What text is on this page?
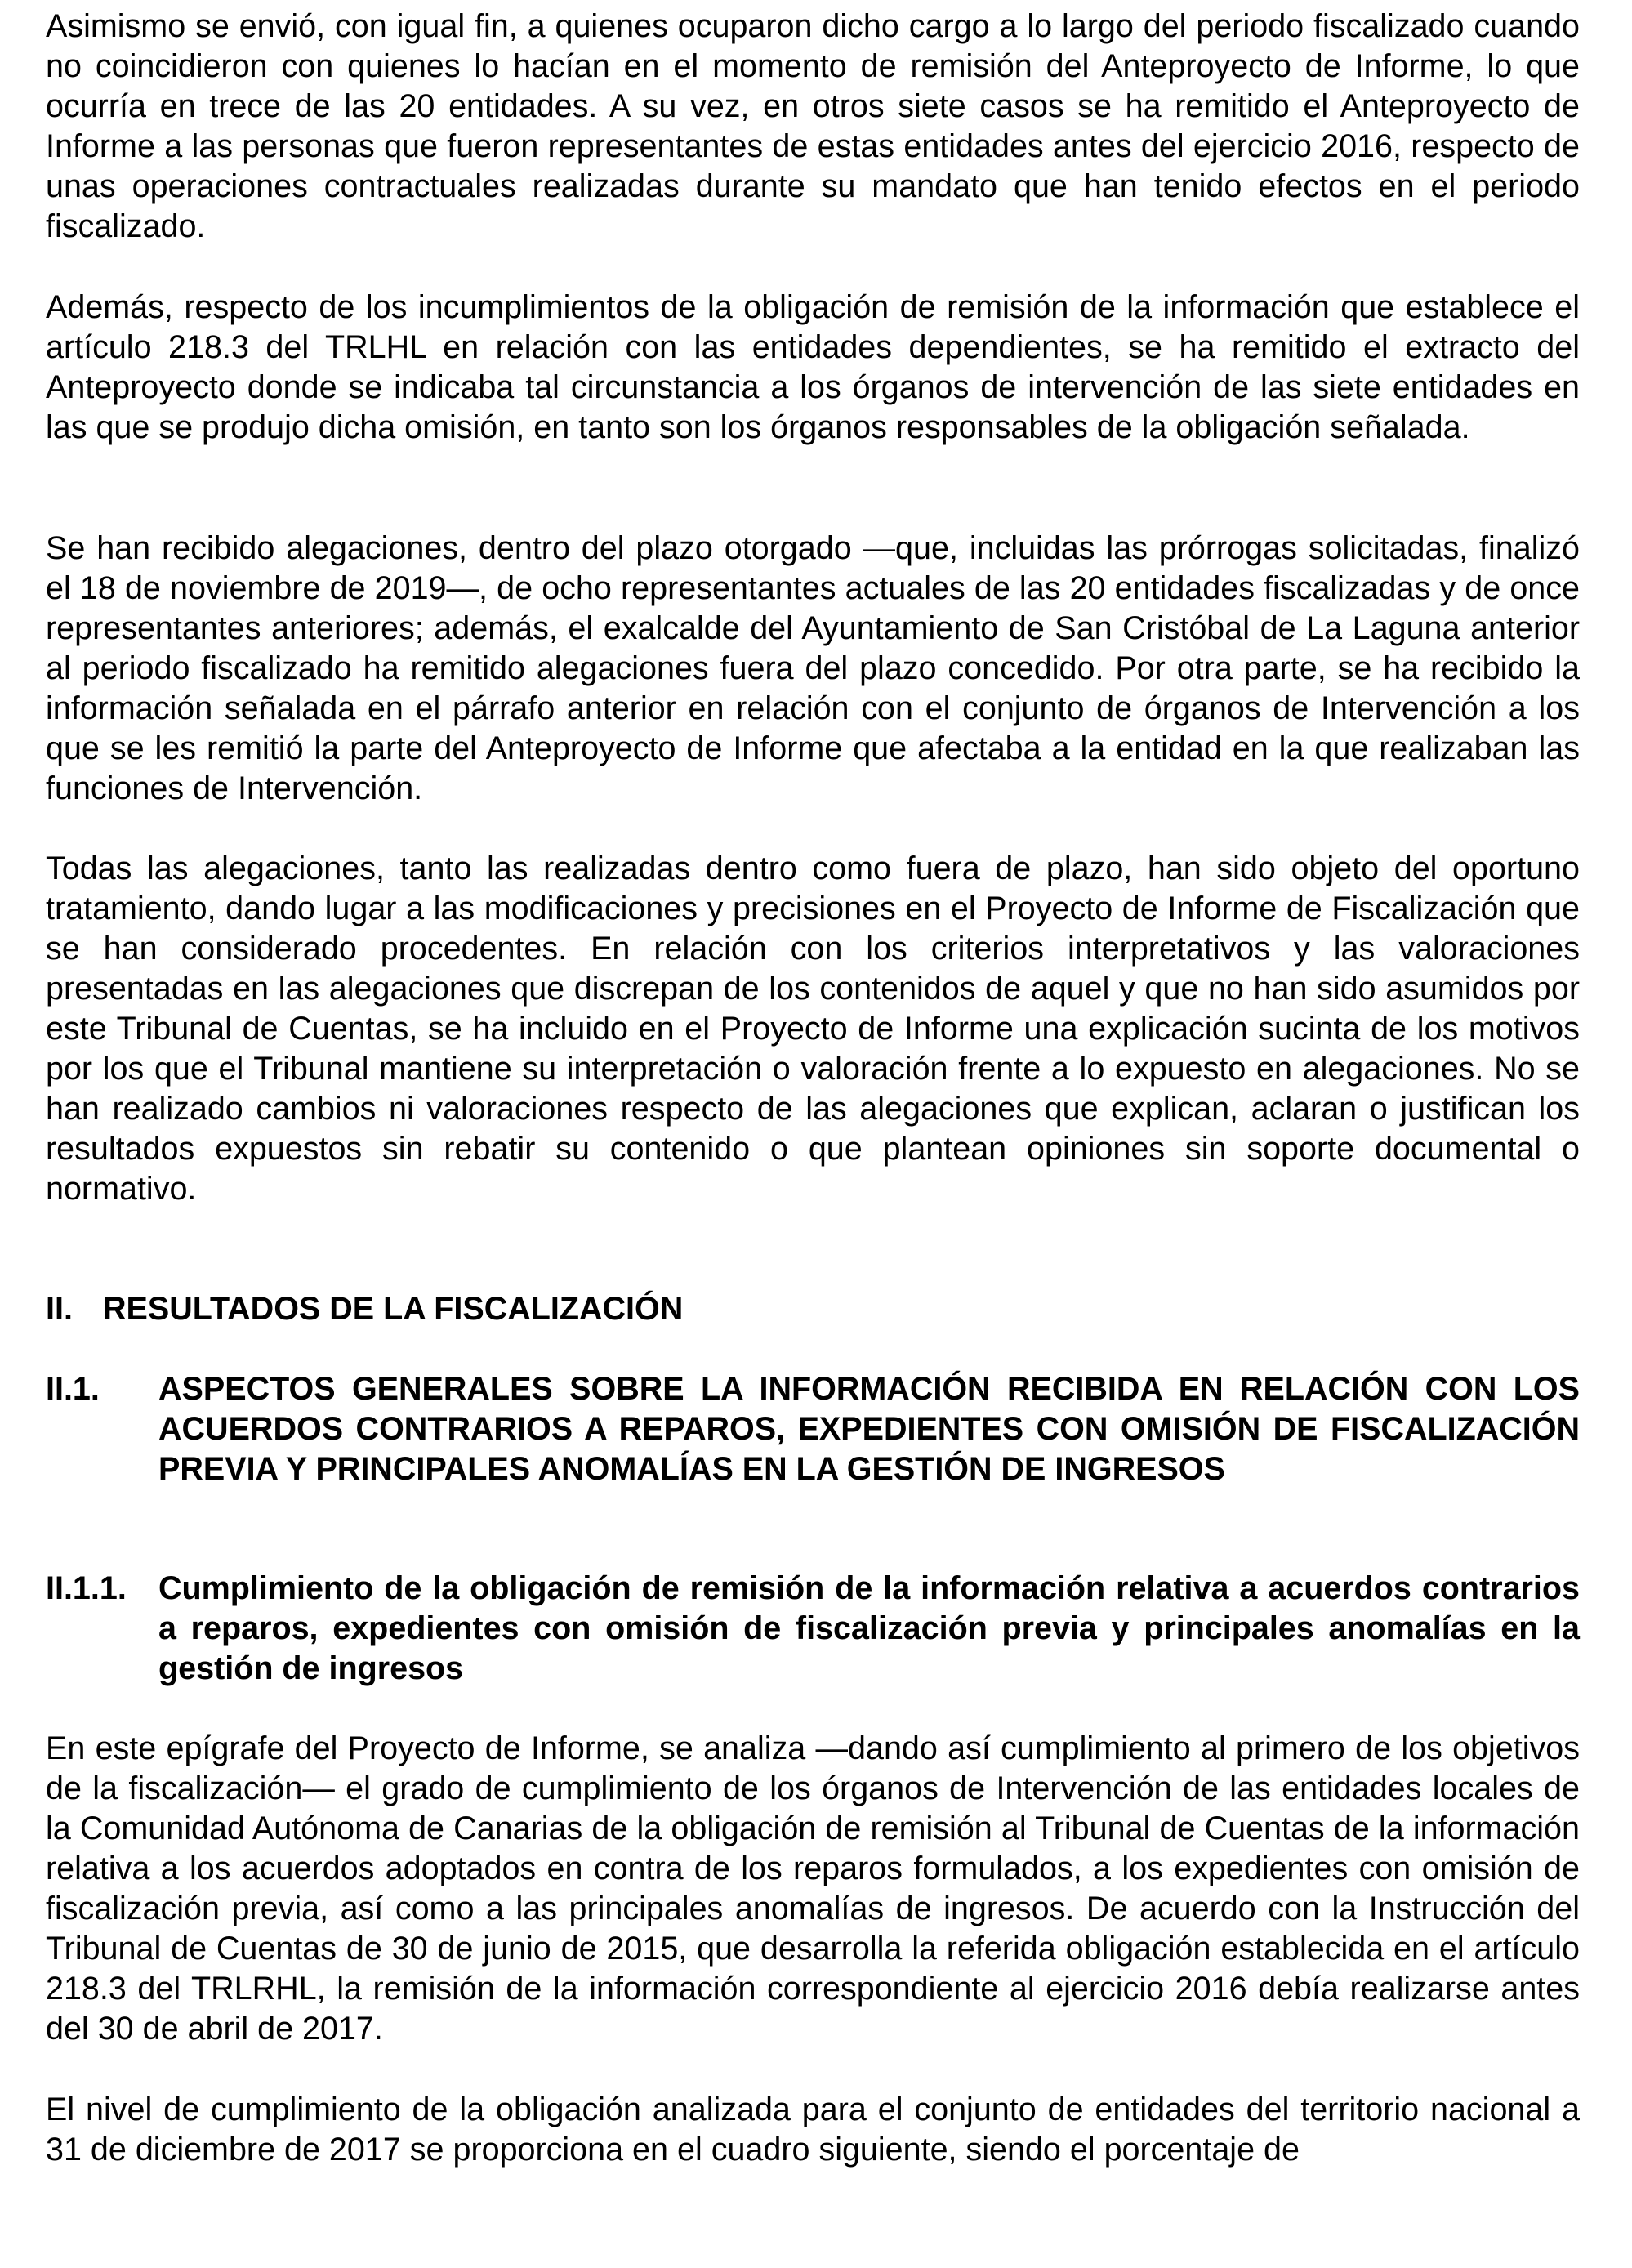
Asimismo se envió, con igual fin, a quienes ocuparon dicho cargo a lo largo del periodo fiscalizado cuando no coincidieron con quienes lo hacían en el momento de remisión del Anteproyecto de Informe, lo que ocurría en trece de las 20 entidades. A su vez, en otros siete casos se ha remitido el Anteproyecto de Informe a las personas que fueron representantes de estas entidades antes del ejercicio 2016, respecto de unas operaciones contractuales realizadas durante su mandato que han tenido efectos en el periodo fiscalizado.

Además, respecto de los incumplimientos de la obligación de remisión de la información que establece el artículo 218.3 del TRLHL en relación con las entidades dependientes, se ha remitido el extracto del Anteproyecto donde se indicaba tal circunstancia a los órganos de intervención de las siete entidades en las que se produjo dicha omisión, en tanto son los órganos responsables de la obligación señalada.

Se han recibido alegaciones, dentro del plazo otorgado —que, incluidas las prórrogas solicitadas, finalizó el 18 de noviembre de 2019—, de ocho representantes actuales de las 20 entidades fiscalizadas y de once representantes anteriores; además, el exalcalde del Ayuntamiento de San Cristóbal de La Laguna anterior al periodo fiscalizado ha remitido alegaciones fuera del plazo concedido. Por otra parte, se ha recibido la información señalada en el párrafo anterior en relación con el conjunto de órganos de Intervención a los que se les remitió la parte del Anteproyecto de Informe que afectaba a la entidad en la que realizaban las funciones de Intervención.

Todas las alegaciones, tanto las realizadas dentro como fuera de plazo, han sido objeto del oportuno tratamiento, dando lugar a las modificaciones y precisiones en el Proyecto de Informe de Fiscalización que se han considerado procedentes. En relación con los criterios interpretativos y las valoraciones presentadas en las alegaciones que discrepan de los contenidos de aquel y que no han sido asumidos por este Tribunal de Cuentas, se ha incluido en el Proyecto de Informe una explicación sucinta de los motivos por los que el Tribunal mantiene su interpretación o valoración frente a lo expuesto en alegaciones. No se han realizado cambios ni valoraciones respecto de las alegaciones que explican, aclaran o justifican los resultados expuestos sin rebatir su contenido o que plantean opiniones sin soporte documental o normativo.

II. RESULTADOS DE LA FISCALIZACIÓN
II.1.	ASPECTOS GENERALES SOBRE LA INFORMACIÓN RECIBIDA EN RELACIÓN CON LOS ACUERDOS CONTRARIOS A REPAROS, EXPEDIENTES CON OMISIÓN DE FISCALIZACIÓN PREVIA Y PRINCIPALES ANOMALÍAS EN LA GESTIÓN DE INGRESOS
II.1.1. Cumplimiento de la obligación de remisión de la información relativa a acuerdos contrarios a reparos, expedientes con omisión de fiscalización previa y principales anomalías en la gestión de ingresos

En este epígrafe del Proyecto de Informe, se analiza —dando así cumplimiento al primero de los objetivos de la fiscalización— el grado de cumplimiento de los órganos de Intervención de las entidades locales de la Comunidad Autónoma de Canarias de la obligación de remisión al Tribunal de Cuentas de la información relativa a los acuerdos adoptados en contra de los reparos formulados, a los expedientes con omisión de fiscalización previa, así como a las principales anomalías de ingresos. De acuerdo con la Instrucción del Tribunal de Cuentas de 30 de junio de 2015, que desarrolla la referida obligación establecida en el artículo 218.3 del TRLRHL, la remisión de la información correspondiente al ejercicio 2016 debía realizarse antes del 30 de abril de 2017.

El nivel de cumplimiento de la obligación analizada para el conjunto de entidades del territorio nacional a 31 de diciembre de 2017 se proporciona en el cuadro siguiente, siendo el porcentaje de
